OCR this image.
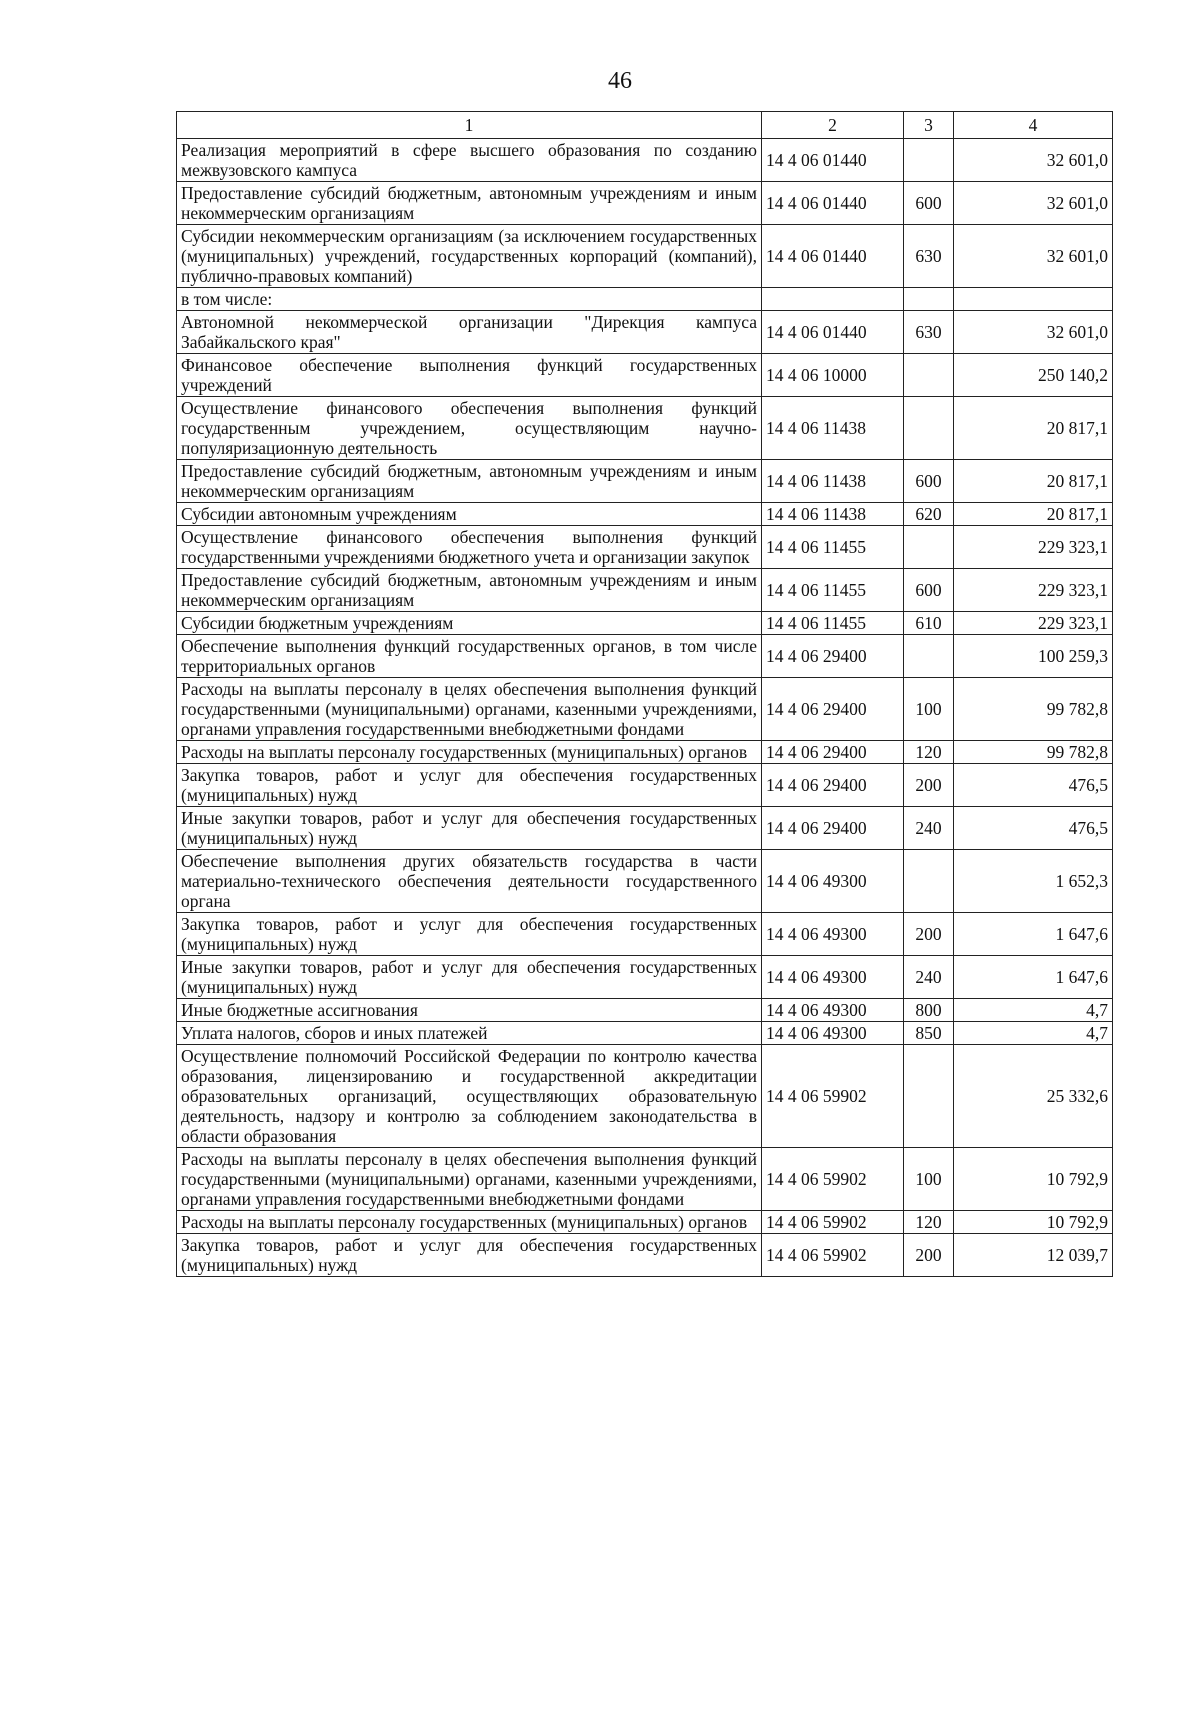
46
1	2	3	4
Реализация мероприятий в сфере высшего образования по созданию межвузовского кампуса	14 4 06 01440		32 601,0
Предоставление субсидий бюджетным, автономным учреждениям и иным некоммерческим организациям	14 4 06 01440	600	32 601,0
Субсидии некоммерческим организациям (за исключением государственных (муниципальных) учреждений, государственных корпораций (компаний), публично-правовых компаний)	14 4 06 01440	630	32 601,0
в том числе:			
Автономной некоммерческой организации "Дирекция кампуса Забайкальского края"	14 4 06 01440	630	32 601,0
Финансовое обеспечение выполнения функций государственных учреждений	14 4 06 10000		250 140,2
Осуществление финансового обеспечения выполнения функций государственным учреждением, осуществляющим научно-популяризационную деятельность	14 4 06 11438		20 817,1
Предоставление субсидий бюджетным, автономным учреждениям и иным некоммерческим организациям	14 4 06 11438	600	20 817,1
Субсидии автономным учреждениям	14 4 06 11438	620	20 817,1
Осуществление финансового обеспечения выполнения функций государственными учреждениями бюджетного учета и организации закупок	14 4 06 11455		229 323,1
Предоставление субсидий бюджетным, автономным учреждениям и иным некоммерческим организациям	14 4 06 11455	600	229 323,1
Субсидии бюджетным учреждениям	14 4 06 11455	610	229 323,1
Обеспечение выполнения функций государственных органов, в том числе территориальных органов	14 4 06 29400		100 259,3
Расходы на выплаты персоналу в целях обеспечения выполнения функций государственными (муниципальными) органами, казенными учреждениями, органами управления государственными внебюджетными фондами	14 4 06 29400	100	99 782,8
Расходы на выплаты персоналу государственных (муниципальных) органов	14 4 06 29400	120	99 782,8
Закупка товаров, работ и услуг для обеспечения государственных (муниципальных) нужд	14 4 06 29400	200	476,5
Иные закупки товаров, работ и услуг для обеспечения государственных (муниципальных) нужд	14 4 06 29400	240	476,5
Обеспечение выполнения других обязательств государства в части материально-технического обеспечения деятельности государственного органа	14 4 06 49300		1 652,3
Закупка товаров, работ и услуг для обеспечения государственных (муниципальных) нужд	14 4 06 49300	200	1 647,6
Иные закупки товаров, работ и услуг для обеспечения государственных (муниципальных) нужд	14 4 06 49300	240	1 647,6
Иные бюджетные ассигнования	14 4 06 49300	800	4,7
Уплата налогов, сборов и иных платежей	14 4 06 49300	850	4,7
Осуществление полномочий Российской Федерации по контролю качества образования, лицензированию и государственной аккредитации образовательных организаций, осуществляющих образовательную деятельность, надзору и контролю за соблюдением законодательства в области образования	14 4 06 59902		25 332,6
Расходы на выплаты персоналу в целях обеспечения выполнения функций государственными (муниципальными) органами, казенными учреждениями, органами управления государственными внебюджетными фондами	14 4 06 59902	100	10 792,9
Расходы на выплаты персоналу государственных (муниципальных) органов	14 4 06 59902	120	10 792,9
Закупка товаров, работ и услуг для обеспечения государственных (муниципальных) нужд	14 4 06 59902	200	12 039,7
